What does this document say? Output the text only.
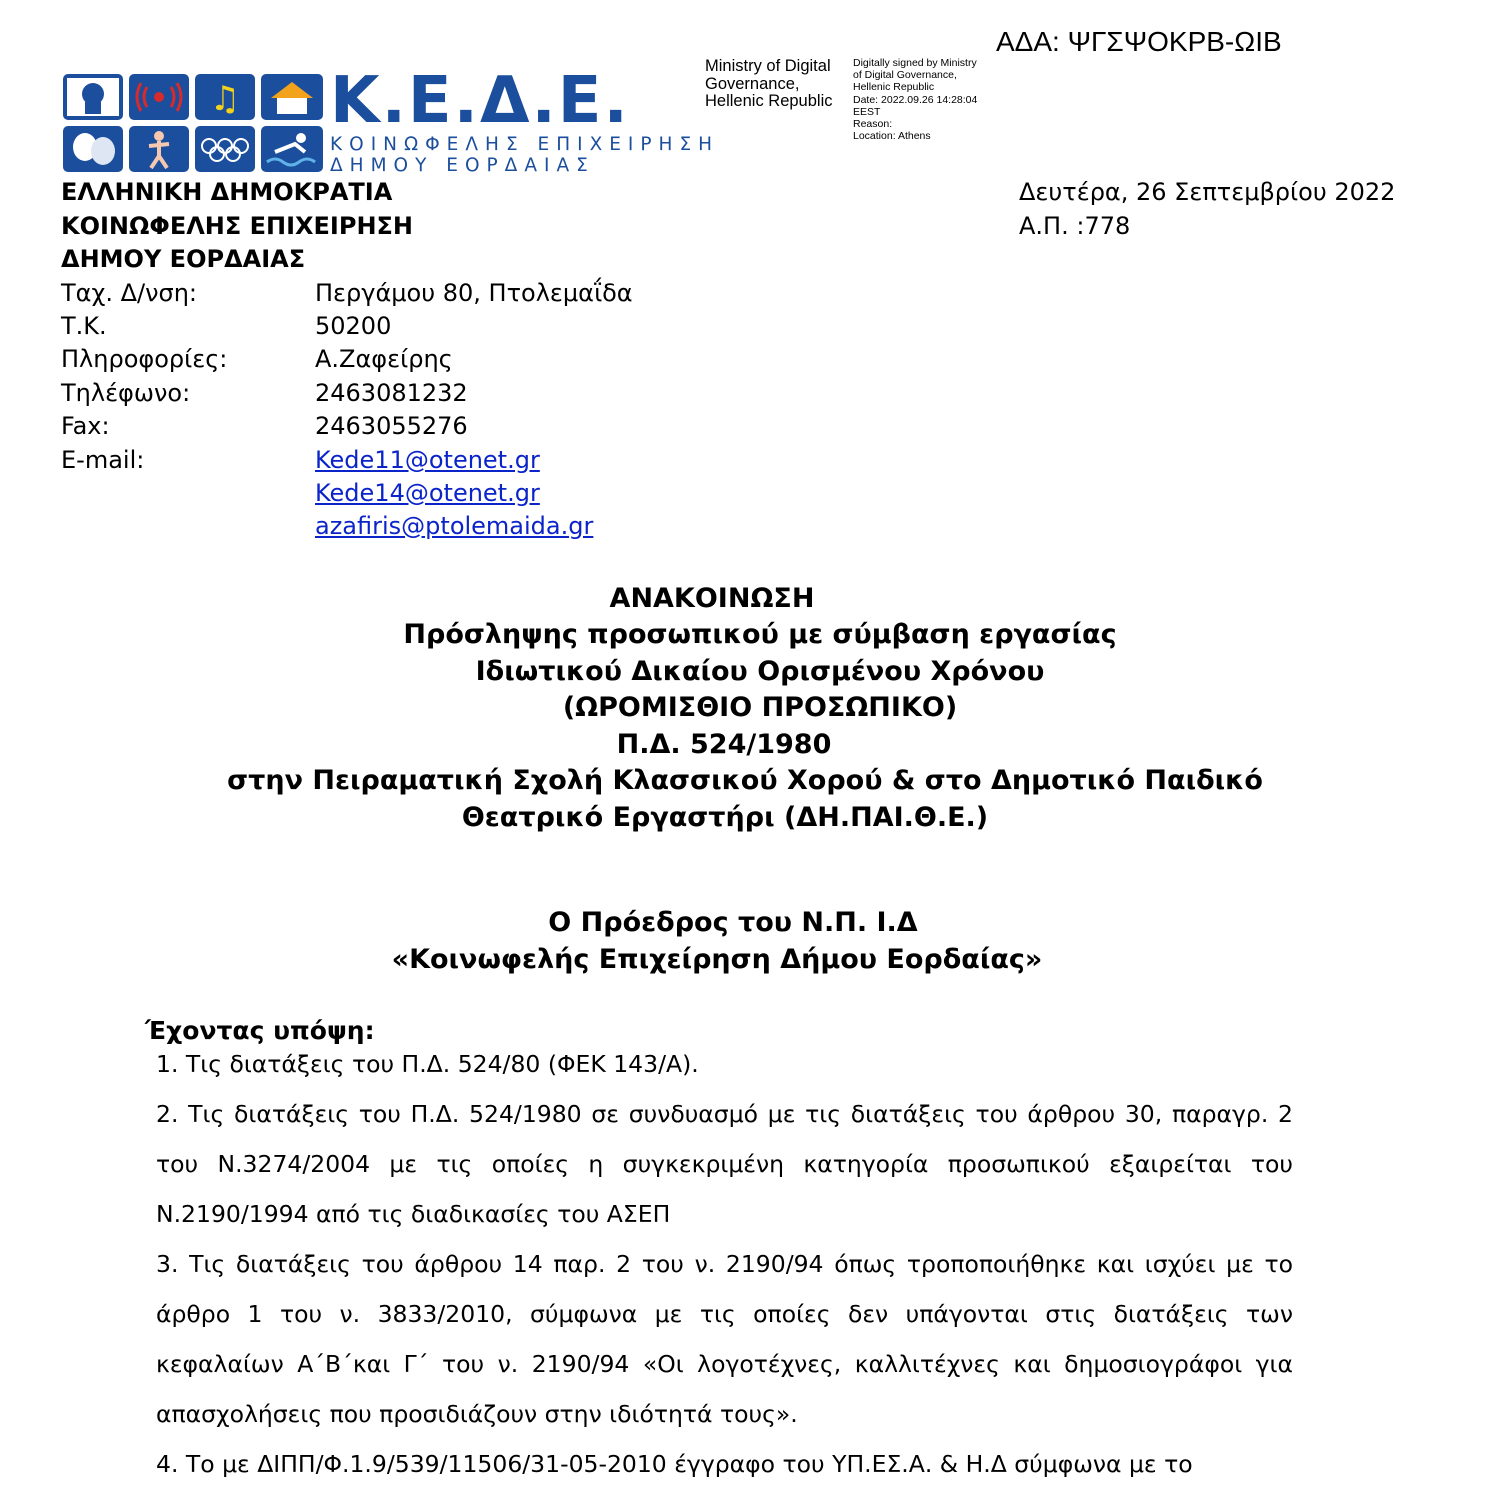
ΑΔΑ: ΨΓΣΨΟΚΡΒ-ΩΙΒ
Ministry of Digital
Governance,
Hellenic Republic
Digitally signed by Ministry
of Digital Governance,
Hellenic Republic
Date: 2022.09.26 14:28:04
EEST
Reason:
Location: Athens
♫ Κ.Ε.Δ.Ε.
ΚΟΙΝΩΦΕΛΗΣ ΕΠΙΧΕΙΡΗΣΗ
ΔΗΜΟΥ ΕΟΡΔΑΙΑΣ
ΕΛΛΗΝΙΚΗ ΔΗΜΟΚΡΑΤΙΑ
ΚΟΙΝΩΦΕΛΗΣ ΕΠΙΧΕΙΡΗΣΗ
ΔΗΜΟΥ ΕΟΡΔΑΙΑΣ
Δευτέρα, 26 Σεπτεμβρίου 2022
Α.Π. :778
Ταχ. Δ/νση:	Περγάμου 80, Πτολεμαΐδα
Τ.Κ.	50200
Πληροφορίες:	Α.Ζαφείρης
Τηλέφωνο:	2463081232
Fax:	2463055276
E-mail:	Kede11@otenet.gr
Kede14@otenet.gr
azafiris@ptolemaida.gr
ΑΝΑΚΟΙΝΩΣΗ
Πρόσληψης προσωπικού με σύμβαση εργασίας
Ιδιωτικού Δικαίου Ορισμένου Χρόνου
(ΩΡΟΜΙΣΘΙΟ ΠΡΟΣΩΠΙΚΟ)
Π.Δ. 524/1980
στην Πειραματική Σχολή Κλασσικού Χορού & στο Δημοτικό Παιδικό
Θεατρικό Εργαστήρι (ΔΗ.ΠΑΙ.Θ.Ε.)
Ο Πρόεδρος του Ν.Π. Ι.Δ
«Κοινωφελής Επιχείρηση Δήμου Εορδαίας»
Έχοντας υπόψη:
1. Τις διατάξεις του Π.Δ. 524/80 (ΦΕΚ 143/Α).
2. Τις διατάξεις του Π.Δ. 524/1980 σε συνδυασμό με τις διατάξεις του άρθρου 30, παραγρ. 2 του Ν.3274/2004 με τις οποίες η συγκεκριμένη κατηγορία προσωπικού εξαιρείται του Ν.2190/1994 από τις διαδικασίες του ΑΣΕΠ
3. Τις διατάξεις του άρθρου 14 παρ. 2 του ν. 2190/94 όπως τροποποιήθηκε και ισχύει με το άρθρο 1 του ν. 3833/2010, σύμφωνα με τις οποίες δεν υπάγονται στις διατάξεις των κεφαλαίων Α΄Β΄και Γ΄ του ν. 2190/94 «Οι λογοτέχνες, καλλιτέχνες και δημοσιογράφοι για απασχολήσεις που προσιδιάζουν στην ιδιότητά τους».
4. Το με ΔΙΠΠ/Φ.1.9/539/11506/31-05-2010 έγγραφο του ΥΠ.ΕΣ.Α. & Η.Δ σύμφωνα με το
